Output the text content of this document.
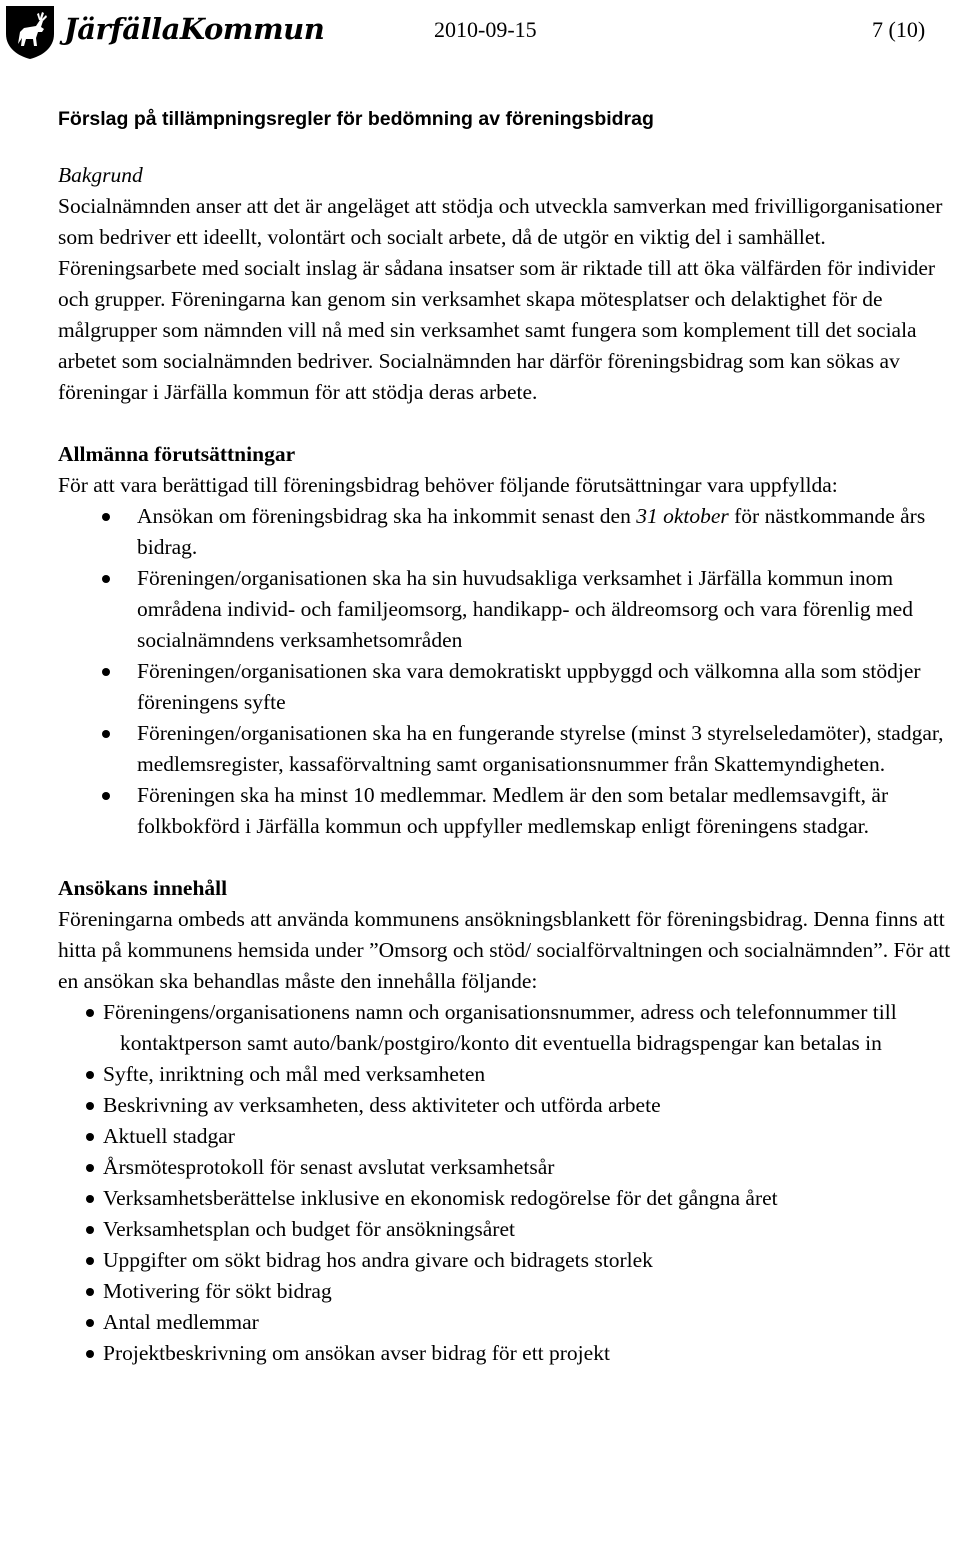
JärfällaKommun	2010-09-15	7 (10)
Förslag på tillämpningsregler för bedömning av föreningsbidrag

Bakgrund

Socialnämnden anser att det är angeläget att stödja och utveckla samverkan med frivilligorganisationer som bedriver ett ideellt, volontärt och socialt arbete, då de utgör en viktig del i samhället. Föreningsarbete med socialt inslag är sådana insatser som är riktade till att öka välfärden för individer och grupper. Föreningarna kan genom sin verksamhet skapa mötesplatser och delaktighet för de målgrupper som nämnden vill nå med sin verksamhet samt fungera som komplement till det sociala arbetet som socialnämnden bedriver. Socialnämnden har därför föreningsbidrag som kan sökas av föreningar i Järfälla kommun för att stödja deras arbete.

Allmänna förutsättningar

För att vara berättigad till föreningsbidrag behöver följande förutsättningar vara uppfyllda:

Ansökan om föreningsbidrag ska ha inkommit senast den 31 oktober för nästkommande års bidrag.
Föreningen/organisationen ska ha sin huvudsakliga verksamhet i Järfälla kommun inom områdena individ- och familjeomsorg, handikapp- och äldreomsorg och vara förenlig med socialnämndens verksamhetsområden
Föreningen/organisationen ska vara demokratiskt uppbyggd och välkomna alla som stödjer föreningens syfte
Föreningen/organisationen ska ha en fungerande styrelse (minst 3 styrelseledamöter), stadgar, medlemsregister, kassaförvaltning samt organisationsnummer från Skattemyndigheten.
Föreningen ska ha minst 10 medlemmar. Medlem är den som betalar medlemsavgift, är folkbokförd i Järfälla kommun och uppfyller medlemskap enligt föreningens stadgar.

Ansökans innehåll

Föreningarna ombeds att använda kommunens ansökningsblankett för föreningsbidrag. Denna finns att hitta på kommunens hemsida under ”Omsorg och stöd/ socialförvaltningen och socialnämnden”. För att en ansökan ska behandlas måste den innehålla följande:

Föreningens/organisationens namn och organisationsnummer, adress och telefonnummer till kontaktperson samt auto/bank/postgiro/konto dit eventuella bidragspengar kan betalas in
Syfte, inriktning och mål med verksamheten
Beskrivning av verksamheten, dess aktiviteter och utförda arbete
Aktuell stadgar
Årsmötesprotokoll för senast avslutat verksamhetsår
Verksamhetsberättelse inklusive en ekonomisk redogörelse för det gångna året
Verksamhetsplan och budget för ansökningsåret
Uppgifter om sökt bidrag hos andra givare och bidragets storlek
Motivering för sökt bidrag
Antal medlemmar
Projektbeskrivning om ansökan avser bidrag för ett projekt
